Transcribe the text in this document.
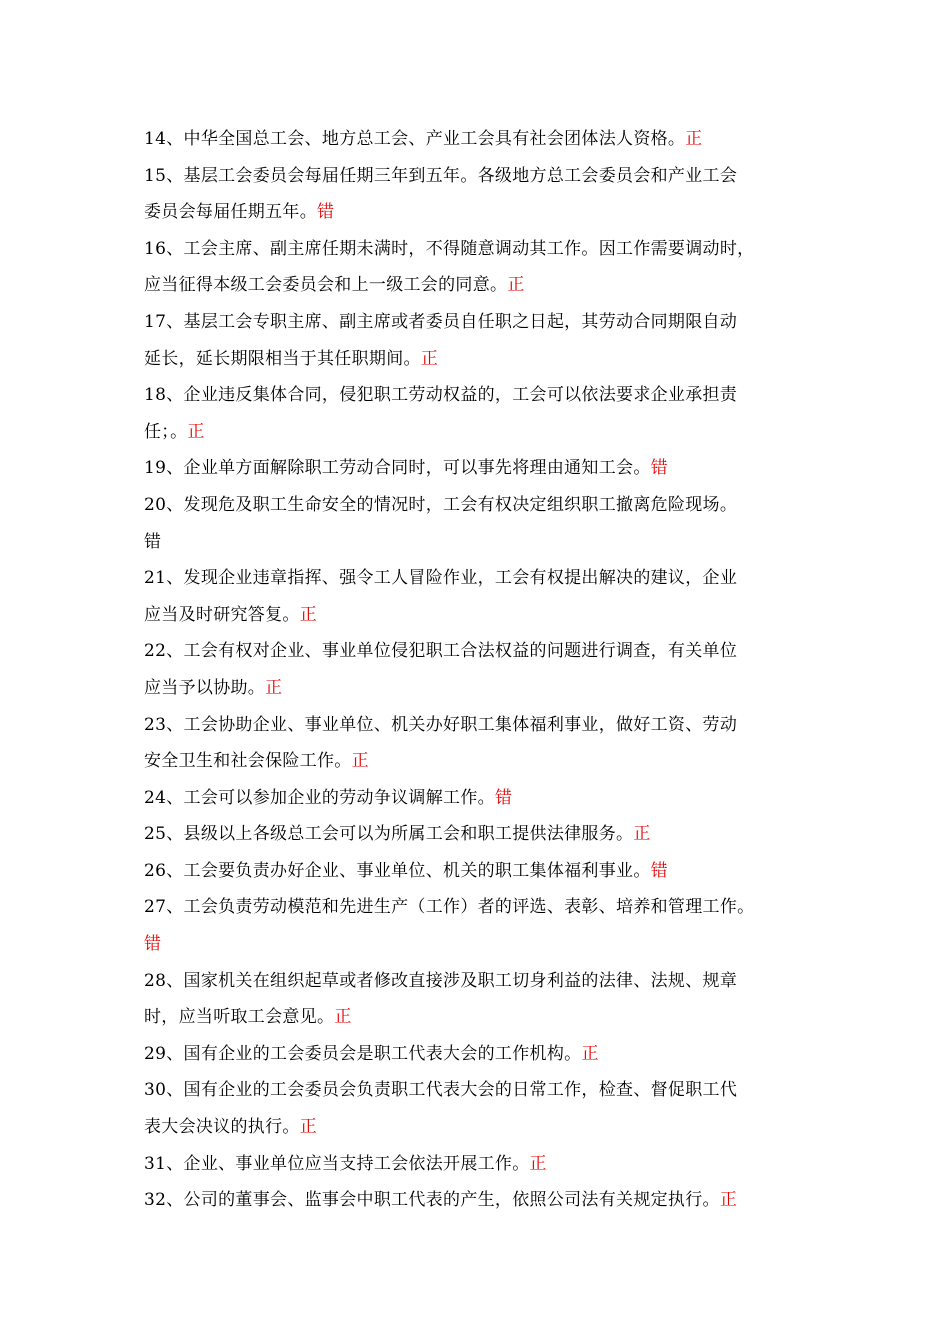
14、中华全国总工会、地方总工会、产业工会具有社会团体法人资格。正
15、基层工会委员会每届任期三年到五年。各级地方总工会委员会和产业工会
委员会每届任期五年。错
16、工会主席、副主席任期未满时，不得随意调动其工作。因工作需要调动时，
应当征得本级工会委员会和上一级工会的同意。正
17、基层工会专职主席、副主席或者委员自任职之日起，其劳动合同期限自动
延长，延长期限相当于其任职期间。正
18、企业违反集体合同，侵犯职工劳动权益的，工会可以依法要求企业承担责
任；。正
19、企业单方面解除职工劳动合同时，可以事先将理由通知工会。错
20、发现危及职工生命安全的情况时，工会有权决定组织职工撤离危险现场。
错
21、发现企业违章指挥、强令工人冒险作业，工会有权提出解决的建议，企业
应当及时研究答复。正
22、工会有权对企业、事业单位侵犯职工合法权益的问题进行调查，有关单位
应当予以协助。正
23、工会协助企业、事业单位、机关办好职工集体福利事业，做好工资、劳动
安全卫生和社会保险工作。正
24、工会可以参加企业的劳动争议调解工作。错
25、县级以上各级总工会可以为所属工会和职工提供法律服务。正
26、工会要负责办好企业、事业单位、机关的职工集体福利事业。错
27、工会负责劳动模范和先进生产（工作）者的评选、表彰、培养和管理工作。
错
28、国家机关在组织起草或者修改直接涉及职工切身利益的法律、法规、规章
时，应当听取工会意见。正
29、国有企业的工会委员会是职工代表大会的工作机构。正
30、国有企业的工会委员会负责职工代表大会的日常工作，检查、督促职工代
表大会决议的执行。正
31、企业、事业单位应当支持工会依法开展工作。正
32、公司的董事会、监事会中职工代表的产生，依照公司法有关规定执行。正
